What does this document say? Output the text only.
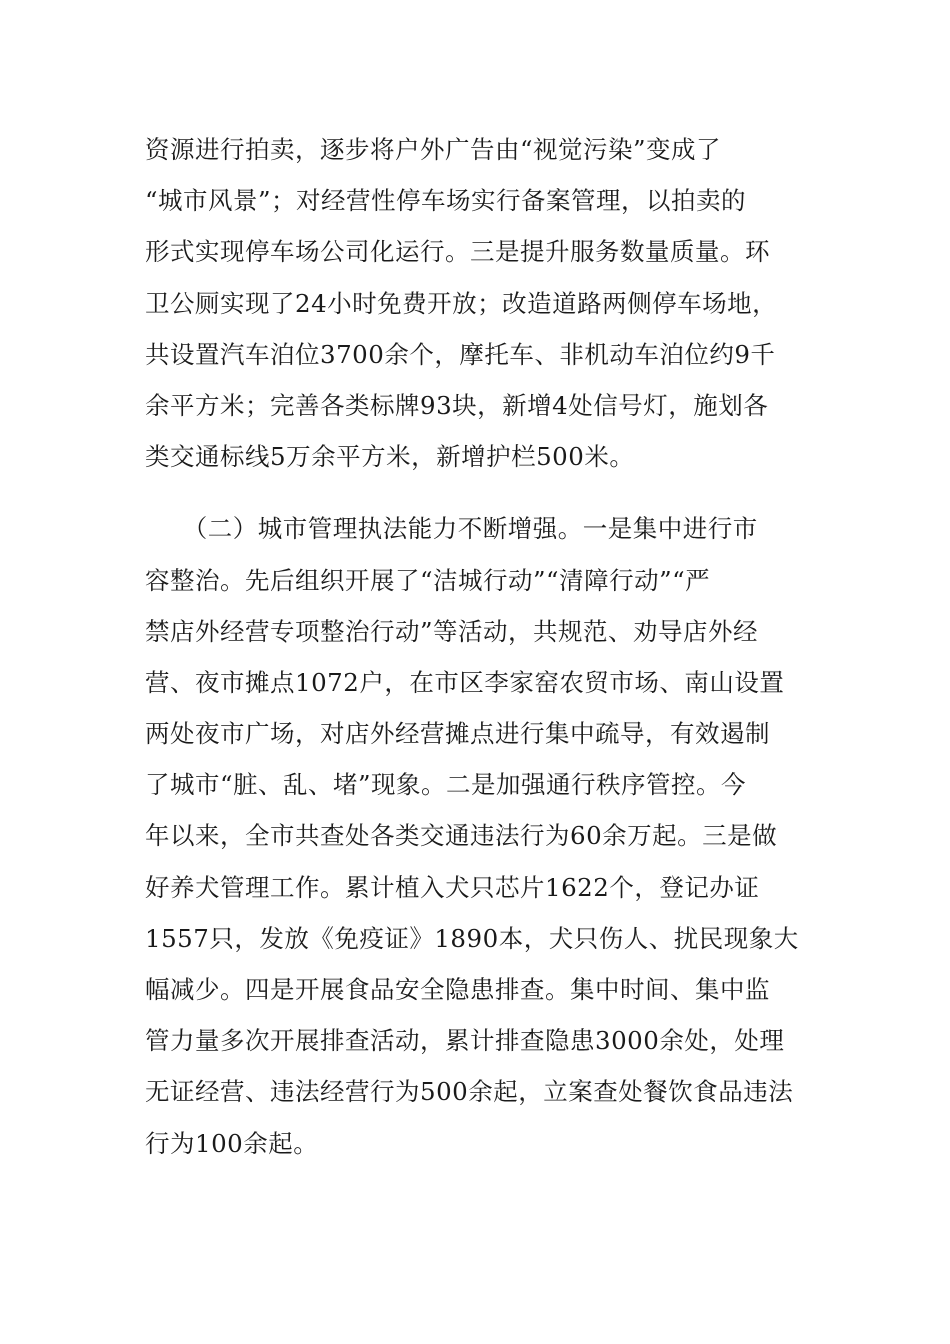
资源进行拍卖，逐步将户外广告由“视觉污染”变成了
“城市风景”；对经营性停车场实行备案管理，以拍卖的
形式实现停车场公司化运行。三是提升服务数量质量。环
卫公厕实现了24小时免费开放；改造道路两侧停车场地，
共设置汽车泊位3700余个，摩托车、非机动车泊位约9千
余平方米；完善各类标牌93块，新增4处信号灯，施划各
类交通标线5万余平方米，新增护栏500米。
　　（二）城市管理执法能力不断增强。一是集中进行市
容整治。先后组织开展了“洁城行动”“清障行动”“严
禁店外经营专项整治行动”等活动，共规范、劝导店外经
营、夜市摊点1072户，在市区李家窑农贸市场、南山设置
两处夜市广场，对店外经营摊点进行集中疏导，有效遏制
了城市“脏、乱、堵”现象。二是加强通行秩序管控。今
年以来，全市共查处各类交通违法行为60余万起。三是做
好养犬管理工作。累计植入犬只芯片1622个，登记办证
1557只，发放《免疫证》1890本，犬只伤人、扰民现象大
幅减少。四是开展食品安全隐患排查。集中时间、集中监
管力量多次开展排查活动，累计排查隐患3000余处，处理
无证经营、违法经营行为500余起，立案查处餐饮食品违法
行为100余起。
